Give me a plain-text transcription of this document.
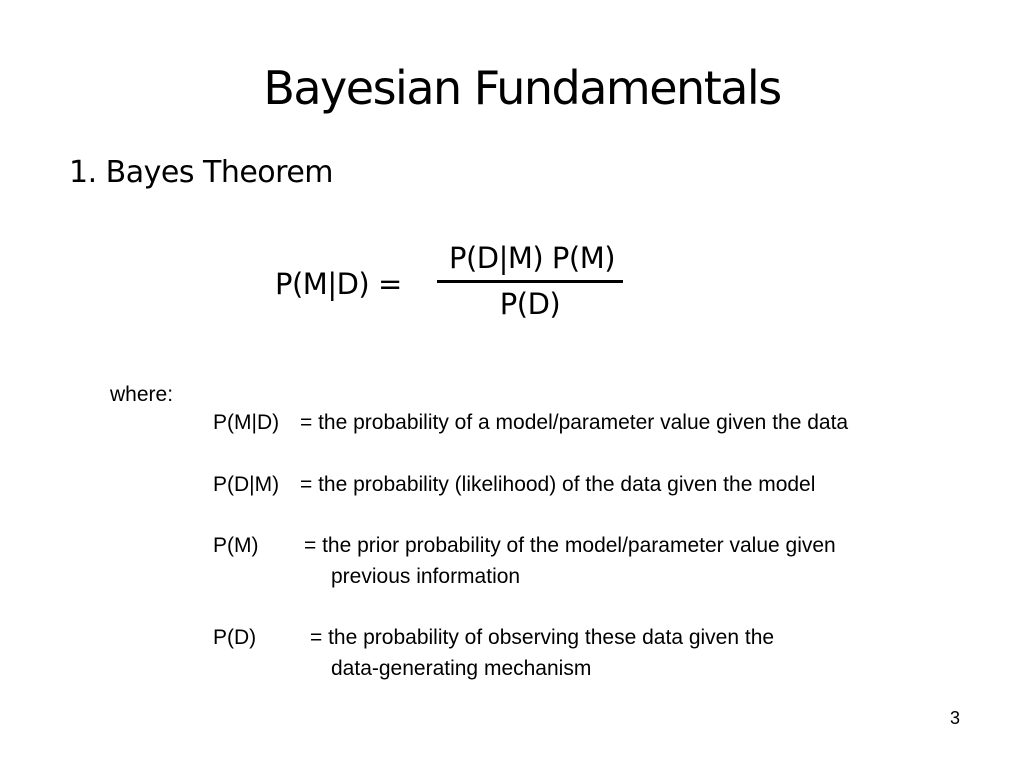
Bayesian Fundamentals
1. Bayes Theorem
P(M|D) =
P(D|M) P(M)
P(D)
where:
P(M|D) = the probability of a model/parameter value given the data
P(D|M) = the probability (likelihood) of the data given the model
P(M) = the prior probability of the model/parameter value given
previous information
P(D)	= the probability of observing these data given the
data-generating mechanism
3
